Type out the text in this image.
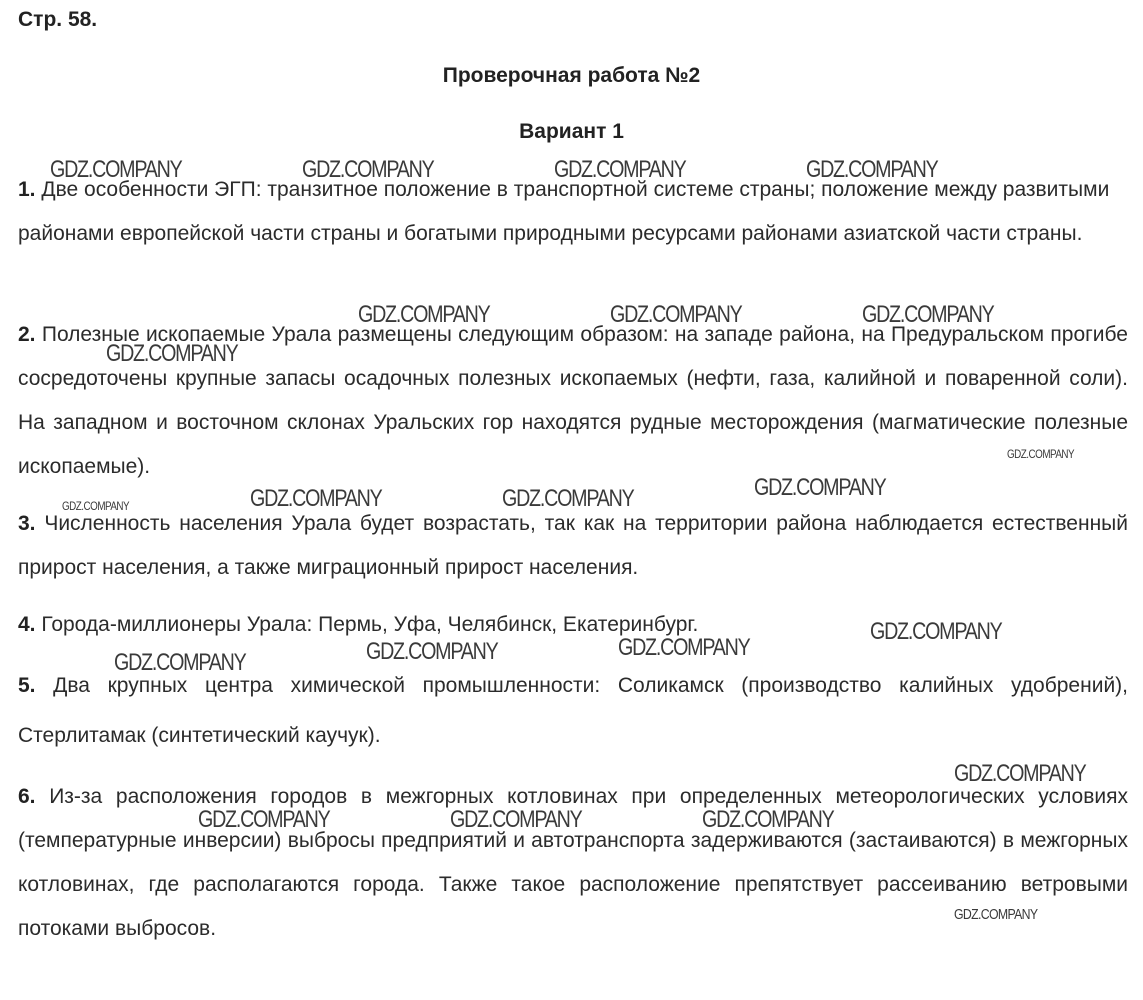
Стр. 58.
Проверочная работа №2
Вариант 1
1. Две особенности ЭГП: транзитное положение в транспортной системе страны; положение между развитыми районами европейской части страны и богатыми природными ресурсами районами азиатской части страны.
2. Полезные ископаемые Урала размещены следующим образом: на западе района, на Предуральском прогибе сосредоточены крупные запасы осадочных полезных ископаемых (нефти, газа, калийной и поваренной соли). На западном и восточном склонах Уральских гор находятся рудные месторождения (магматические полезные ископаемые).
3. Численность населения Урала будет возрастать, так как на территории района наблюдается естественный прирост населения, а также миграционный прирост населения.
4. Города-миллионеры Урала: Пермь, Уфа, Челябинск, Екатеринбург.
5. Два крупных центра химической промышленности: Соликамск (производство калийных удобрений), Стерлитамак (синтетический каучук).
6. Из-за расположения городов в межгорных котловинах при определенных метеорологических условиях (температурные инверсии) выбросы предприятий и автотранспорта задерживаются (застаиваются) в межгорных котловинах, где располагаются города. Также такое расположение препятствует рассеиванию ветровыми потоками выбросов.
GDZ.COMPANY	GDZ.COMPANY	GDZ.COMPANY	GDZ.COMPANY
GDZ.COMPANY	GDZ.COMPANY	GDZ.COMPANY
GDZ.COMPANY
GDZ.COMPANY
GDZ.COMPANY	GDZ.COMPANY	GDZ.COMPANY	GDZ.COMPANY
GDZ.COMPANY
GDZ.COMPANY	GDZ.COMPANY	GDZ.COMPANY
GDZ.COMPANY
GDZ.COMPANY	GDZ.COMPANY	GDZ.COMPANY
GDZ.COMPANY
